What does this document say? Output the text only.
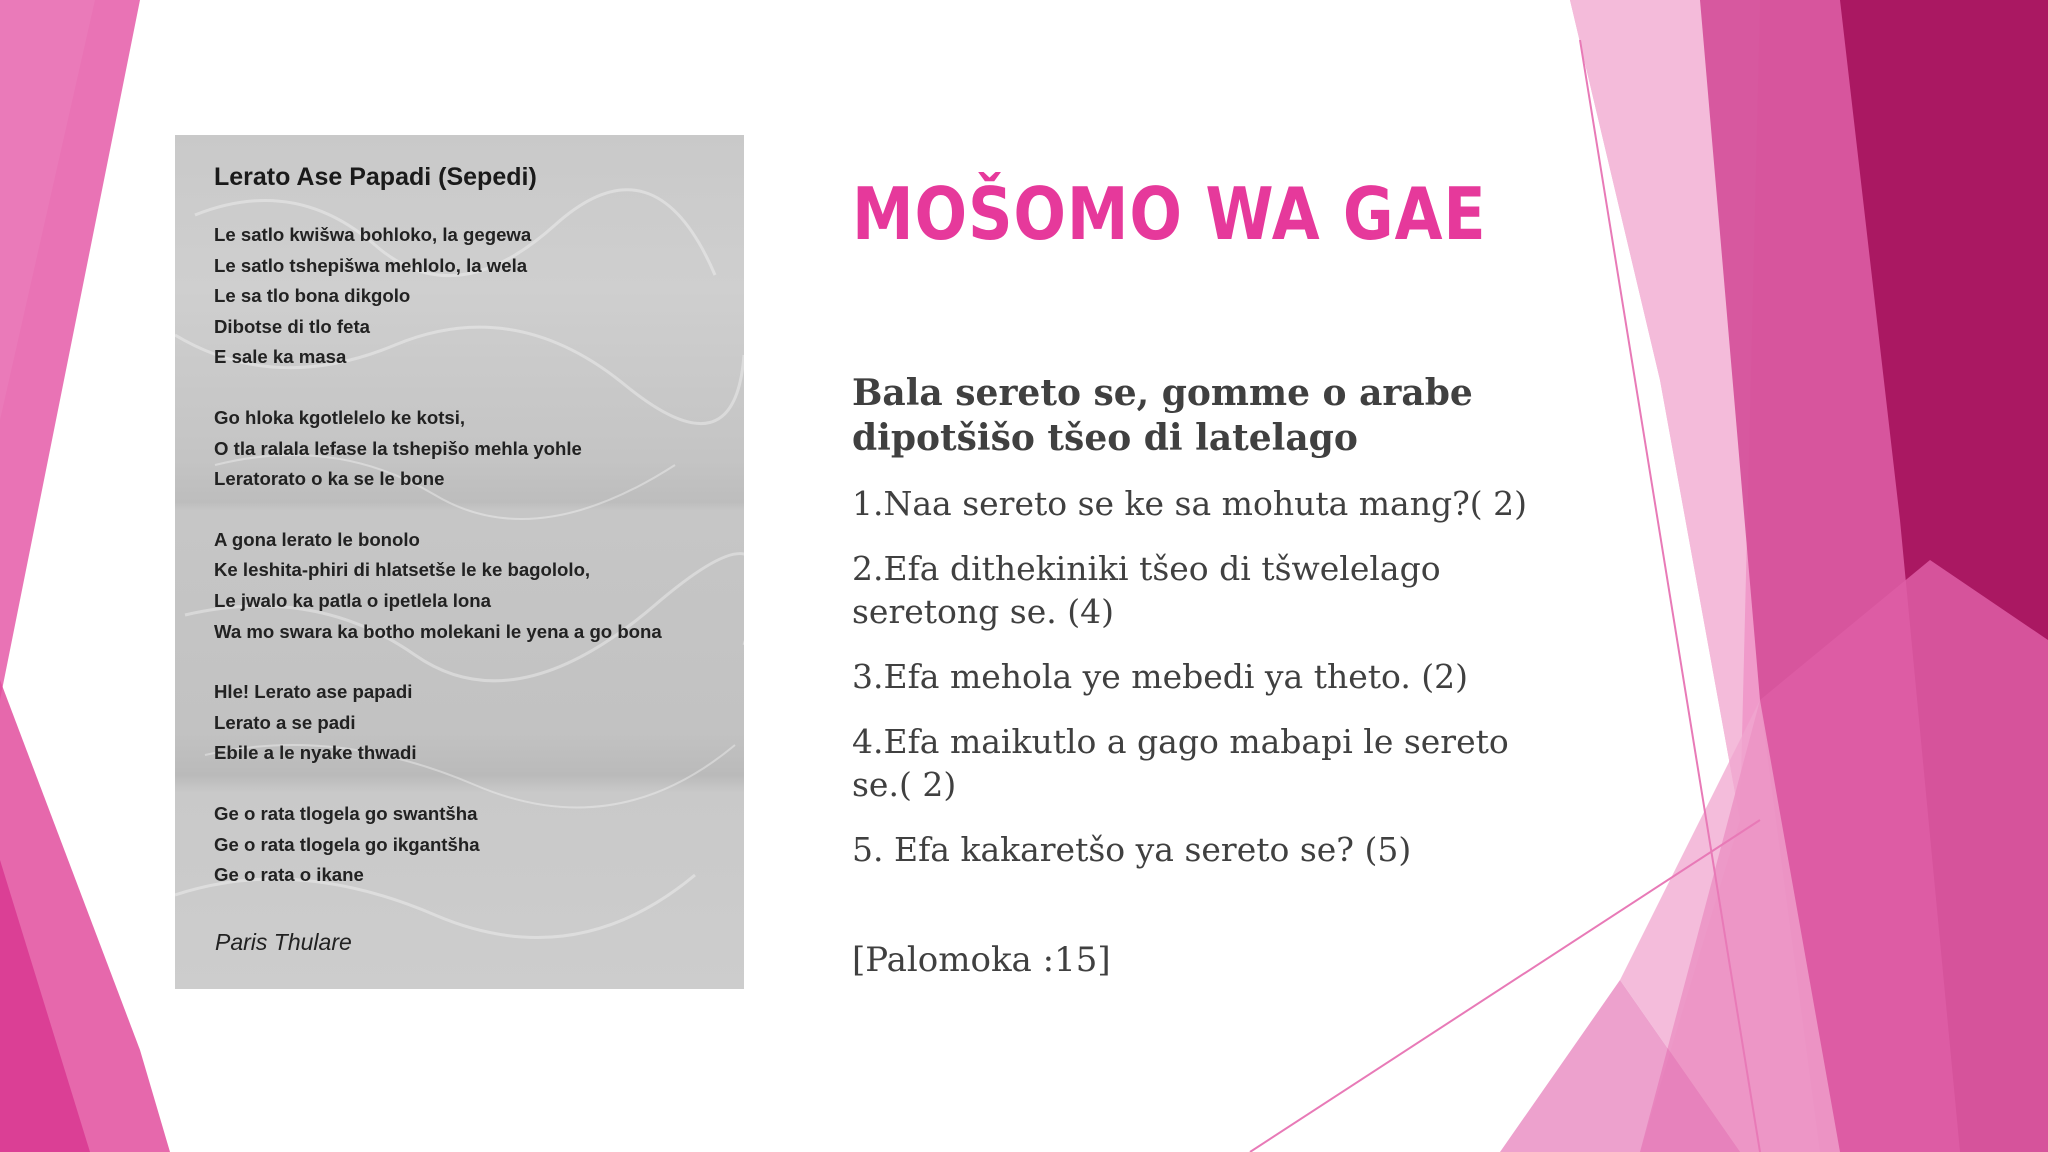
Lerato Ase Papadi (Sepedi)
Le satlo kwišwa bohloko, la gegewa
Le satlo tshepišwa mehlolo, la wela
Le sa tlo bona dikgolo
Dibotse di tlo feta
E sale ka masa
Go hloka kgotlelelo ke kotsi,
O tla ralala lefase la tshepišo mehla yohle
Leratorato o ka se le bone
A gona lerato le bonolo
Ke leshita-phiri di hlatsetše le ke bagololo,
Le jwalo ka patla o ipetlela lona
Wa mo swara ka botho molekani le yena a go bona
Hle! Lerato ase papadi
Lerato a se padi
Ebile a le nyake thwadi
Ge o rata tlogela go swantšha
Ge o rata tlogela go ikgantšha
Ge o rata o ikane
Paris Thulare
MOŠOMO WA GAE

Bala sereto se, gomme o arabe dipotšišo tšeo di latelago

1.Naa sereto se ke sa mohuta mang?( 2)
2.Efa dithekiniki tšeo di tšwelelago seretong se. (4)
3.Efa mehola ye mebedi ya theto. (2)
4.Efa maikutlo a gago mabapi le sereto se.( 2)
5. Efa kakaretšo ya sereto se? (5)

[Palomoka :15]
